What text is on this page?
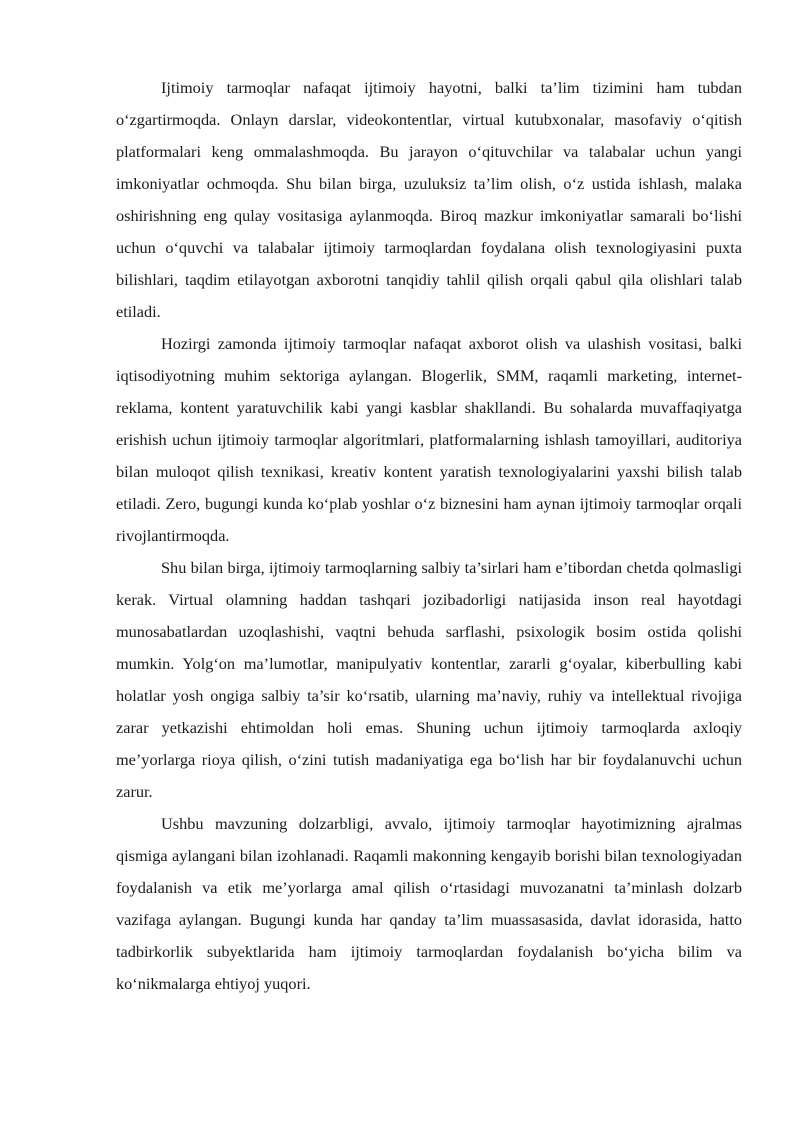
Ijtimoiy tarmoqlar nafaqat ijtimoiy hayotni, balki ta’lim tizimini ham tubdan o‘zgartirmoqda. Onlayn darslar, videokontentlar, virtual kutubxonalar, masofaviy o‘qitish platformalari keng ommalashmoqda. Bu jarayon o‘qituvchilar va talabalar uchun yangi imkoniyatlar ochmoqda. Shu bilan birga, uzuluksiz ta’lim olish, o‘z ustida ishlash, malaka oshirishning eng qulay vositasiga aylanmoqda. Biroq mazkur imkoniyatlar samarali bo‘lishi uchun o‘quvchi va talabalar ijtimoiy tarmoqlardan foydalana olish texnologiyasini puxta bilishlari, taqdim etilayotgan axborotni tanqidiy tahlil qilish orqali qabul qila olishlari talab etiladi.

Hozirgi zamonda ijtimoiy tarmoqlar nafaqat axborot olish va ulashish vositasi, balki iqtisodiyotning muhim sektoriga aylangan. Blogerlik, SMM, raqamli marketing, internet-reklama, kontent yaratuvchilik kabi yangi kasblar shakllandi. Bu sohalarda muvaffaqiyatga erishish uchun ijtimoiy tarmoqlar algoritmlari, platformalarning ishlash tamoyillari, auditoriya bilan muloqot qilish texnikasi, kreativ kontent yaratish texnologiyalarini yaxshi bilish talab etiladi. Zero, bugungi kunda ko‘plab yoshlar o‘z biznesini ham aynan ijtimoiy tarmoqlar orqali rivojlantirmoqda.

Shu bilan birga, ijtimoiy tarmoqlarning salbiy ta’sirlari ham e’tibordan chetda qolmasligi kerak. Virtual olamning haddan tashqari jozibadorligi natijasida inson real hayotdagi munosabatlardan uzoqlashishi, vaqtni behuda sarflashi, psixologik bosim ostida qolishi mumkin. Yolg‘on ma’lumotlar, manipulyativ kontentlar, zararli g‘oyalar, kiberbulling kabi holatlar yosh ongiga salbiy ta’sir ko‘rsatib, ularning ma’naviy, ruhiy va intellektual rivojiga zarar yetkazishi ehtimoldan holi emas. Shuning uchun ijtimoiy tarmoqlarda axloqiy me’yorlarga rioya qilish, o‘zini tutish madaniyatiga ega bo‘lish har bir foydalanuvchi uchun zarur.

Ushbu mavzuning dolzarbligi, avvalo, ijtimoiy tarmoqlar hayotimizning ajralmas qismiga aylangani bilan izohlanadi. Raqamli makonning kengayib borishi bilan texnologiyadan foydalanish va etik me’yorlarga amal qilish o‘rtasidagi muvozanatni ta’minlash dolzarb vazifaga aylangan. Bugungi kunda har qanday ta’lim muassasasida, davlat idorasida, hatto tadbirkorlik subyektlarida ham ijtimoiy tarmoqlardan foydalanish bo‘yicha bilim va ko‘nikmalarga ehtiyoj yuqori.
